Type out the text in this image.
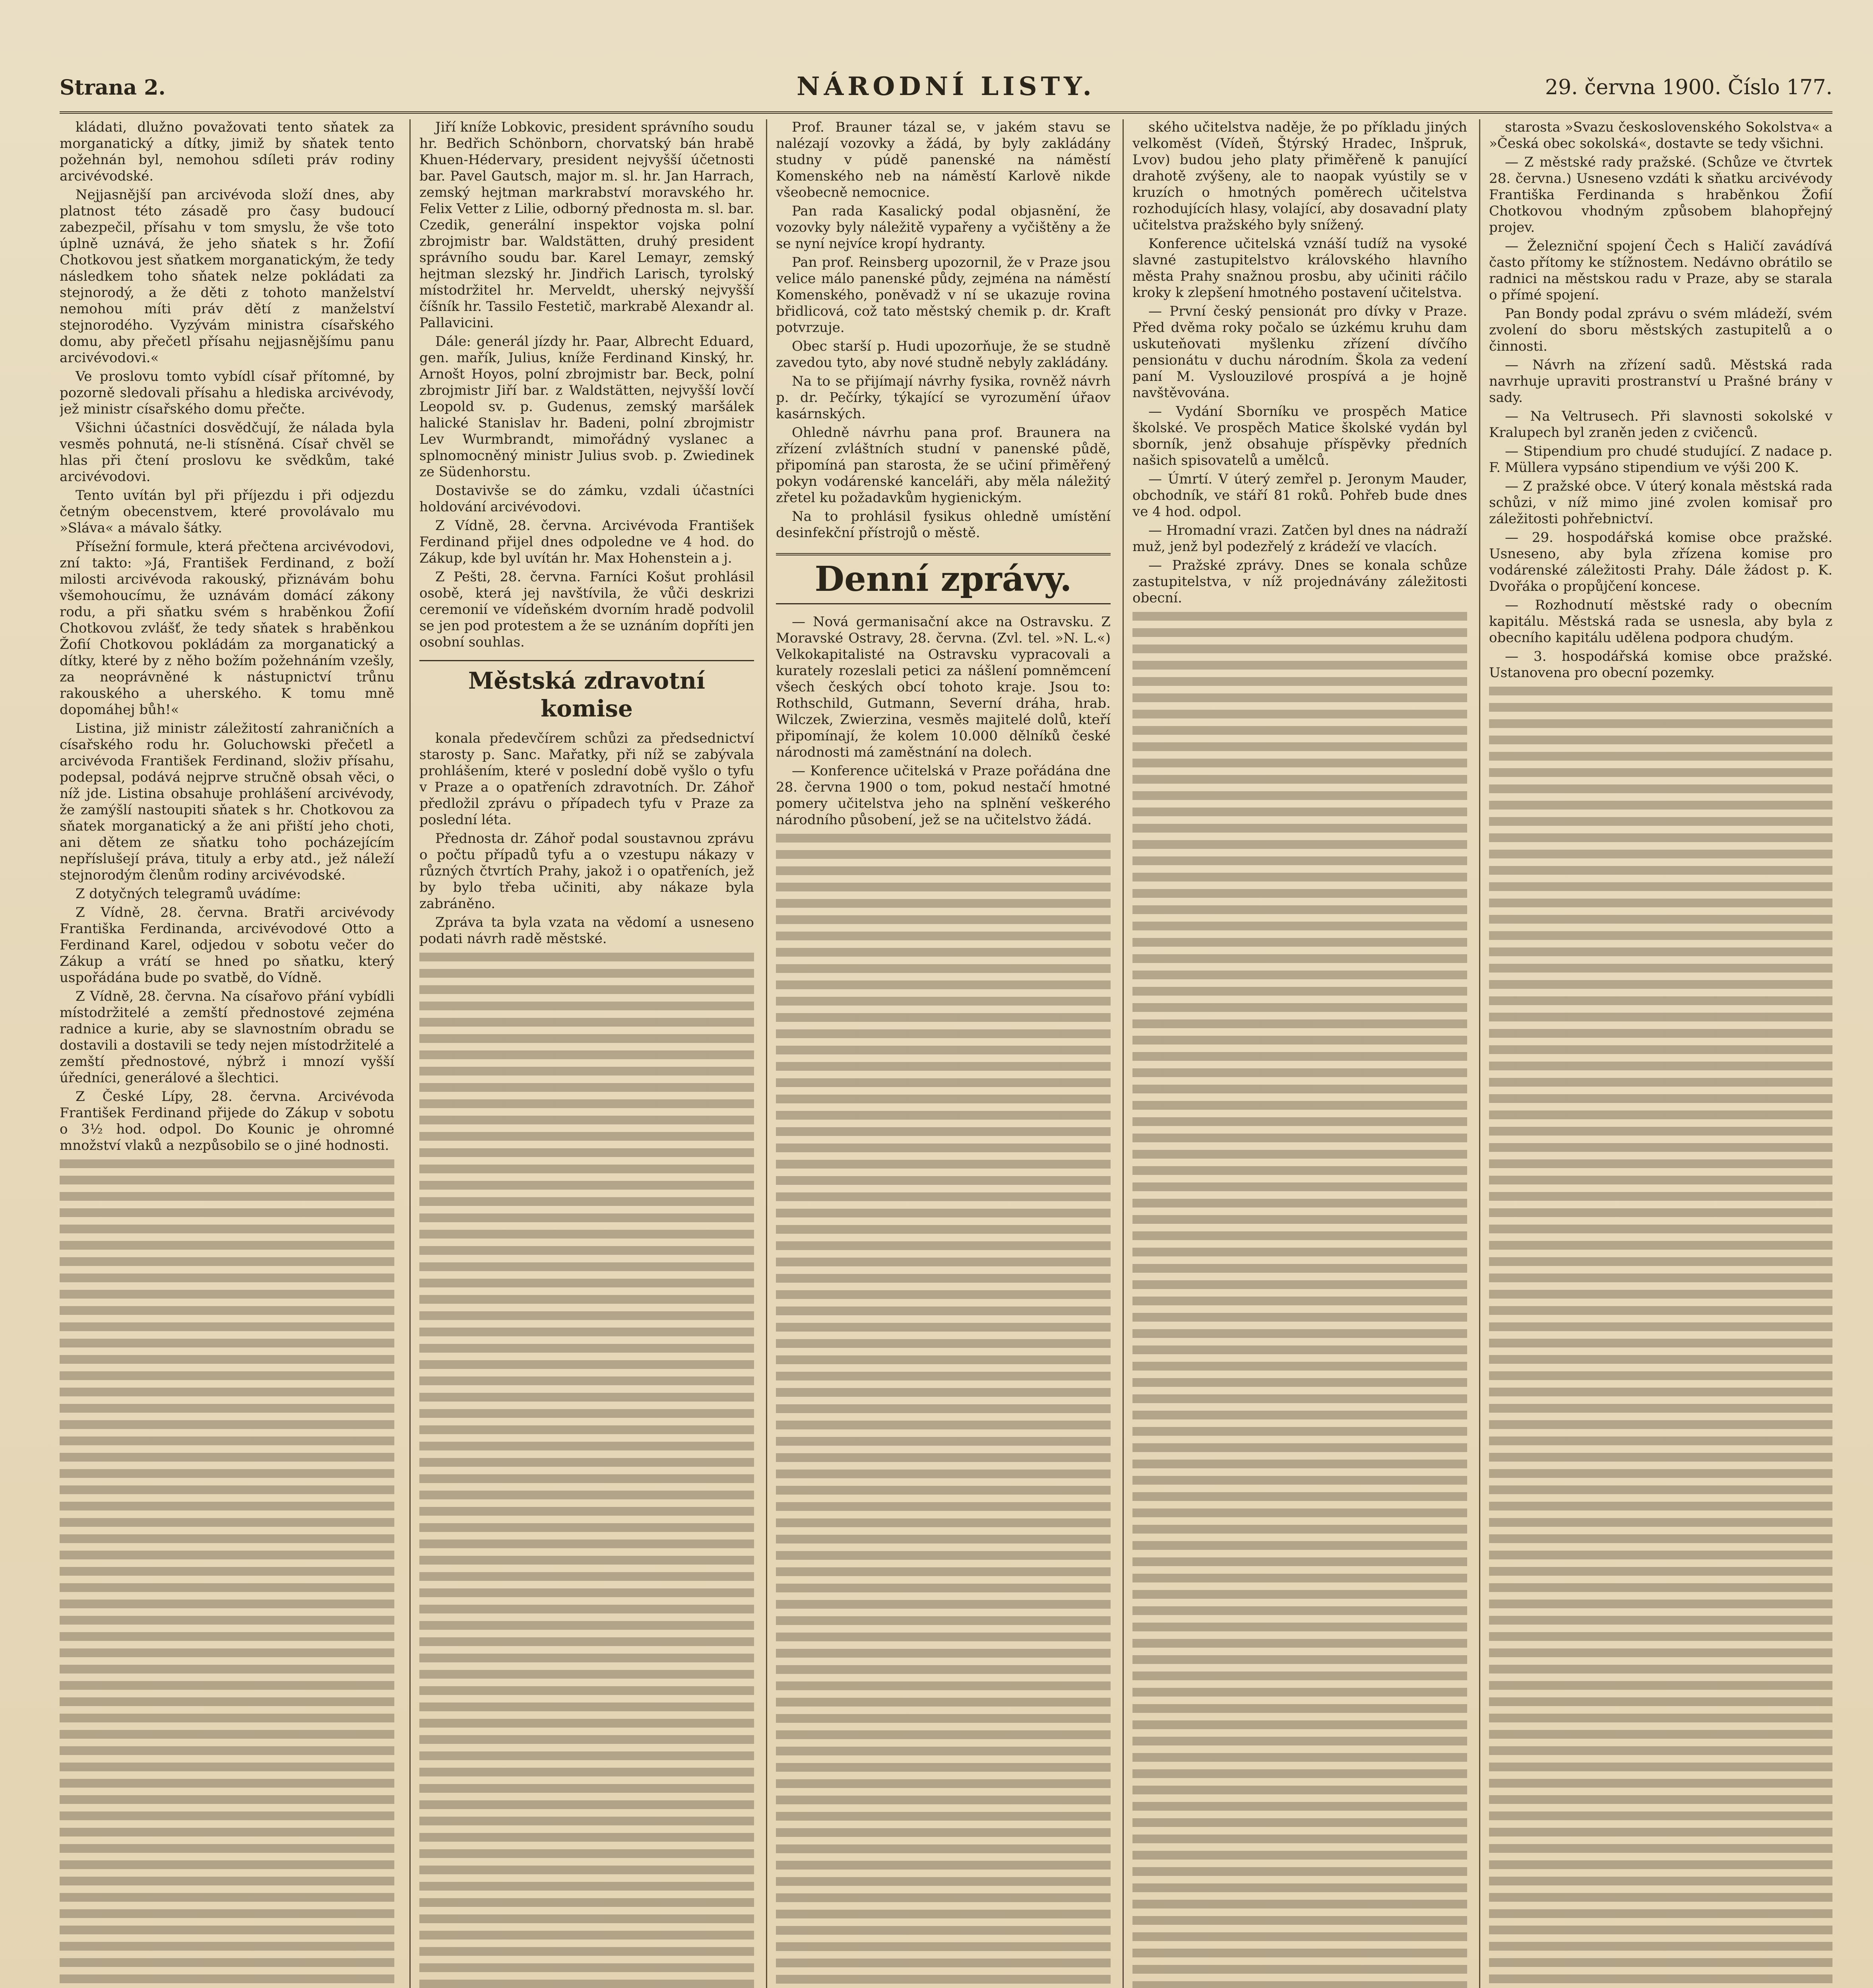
Strana 2.	NÁRODNÍ LISTY.	29. června 1900. Číslo 177.

kládati, dlužno považovati tento sňatek za morganatický a dítky, jimiž by sňatek tento požehnán byl, nemohou sdíleti práv rodiny arcivévodské.

Nejjasnější pan arcivévoda složí dnes, aby platnost této zásadě pro časy budoucí zabezpečil, přísahu v tom smyslu, že vše toto úplně uznává, že jeho sňatek s hr. Žofií Chotkovou jest sňatkem morganatickým, že tedy následkem toho sňatek nelze pokládati za stejnorodý, a že děti z tohoto manželství nemohou míti práv dětí z manželství stejnorodého. Vyzývám ministra císařského domu, aby přečetl přísahu nejjasnějšímu panu arcivévodovi.«

Ve proslovu tomto vybídl císař přítomné, by pozorně sledovali přísahu a hlediska arcivévody, jež ministr císařského domu přečte.

Všichni účastníci dosvědčují, že nálada byla vesměs pohnutá, ne-li stísněná. Císař chvěl se hlas při čtení proslovu ke svědkům, také arcivévodovi.

Tento uvítán byl při příjezdu i při odjezdu četným obecenstvem, které provolávalo mu »Sláva« a mávalo šátky.

Přísežní formule, která přečtena arcivévodovi, zní takto: »Já, František Ferdinand, z boží milosti arcivévoda rakouský, přiznávám bohu všemohoucímu, že uznávám domácí zákony rodu, a při sňatku svém s hraběnkou Žofií Chotkovou zvlášť, že tedy sňatek s hraběnkou Žofií Chotkovou pokládám za morganatický a dítky, které by z něho božím požehnáním vzešly, za neoprávněné k nástupnictví trůnu rakouského a uherského. K tomu mně dopomáhej bůh!«

Listina, již ministr záležitostí zahraničních a císařského rodu hr. Goluchowski přečetl a arcivévoda František Ferdinand, složiv přísahu, podepsal, podává nejprve stručně obsah věci, o níž jde. Listina obsahuje prohlášení arcivévody, že zamýšlí nastoupiti sňatek s hr. Chotkovou za sňatek morganatický a že ani přiští jeho choti, ani dětem ze sňatku toho pocházejícím nepříslušejí práva, tituly a erby atd., jež náleží stejnorodým členům rodiny arcivévodské.

Z dotyčných telegramů uvádíme:

Z Vídně, 28. června. Bratři arcivévody Františka Ferdinanda, arcivévodové Otto a Ferdinand Karel, odjedou v sobotu večer do Zákup a vrátí se hned po sňatku, který uspořádána bude po svatbě, do Vídně.

Z Vídně, 28. června. Na císařovo přání vybídli místodržitelé a zemští přednostové zejména radnice a kurie, aby se slavnostním obradu se dostavili a dostavili se tedy nejen místodržitelé a zemští přednostové, nýbrž i mnozí vyšší úředníci, generálové a šlechtici.

Z České Lípy, 28. června. Arcivévoda František Ferdinand přijede do Zákup v sobotu o 3½ hod. odpol. Do Kounic je ohromné množství vlaků a nezpůsobilo se o jiné hodnosti.

Jiří kníže Lobkovic, president správního soudu hr. Bedřich Schönborn, chorvatský bán hrabě Khuen-Hédervary, president nejvyšší účetnosti bar. Pavel Gautsch, major m. sl. hr. Jan Harrach, zemský hejtman markrabství moravského hr. Felix Vetter z Lilie, odborný přednosta m. sl. bar. Czedik, generální inspektor vojska polní zbrojmistr bar. Waldstätten, druhý president správního soudu bar. Karel Lemayr, zemský hejtman slezský hr. Jindřich Larisch, tyrolský místodržitel hr. Merveldt, uherský nejvyšší číšník hr. Tassilo Festetič, markrabě Alexandr al. Pallavicini.

Dále: generál jízdy hr. Paar, Albrecht Eduard, gen. mařík, Julius, kníže Ferdinand Kinský, hr. Arnošt Hoyos, polní zbrojmistr bar. Beck, polní zbrojmistr Jiří bar. z Waldstätten, nejvyšší lovčí Leopold sv. p. Gudenus, zemský maršálek halické Stanislav hr. Badeni, polní zbrojmistr Lev Wurmbrandt, mimořádný vyslanec a splnomocněný ministr Julius svob. p. Zwiedinek ze Südenhorstu.

Dostavivše se do zámku, vzdali účastníci holdování arcivévodovi.

Z Vídně, 28. června. Arcivévoda František Ferdinand přijel dnes odpoledne ve 4 hod. do Zákup, kde byl uvítán hr. Max Hohenstein a j.

Z Pešti, 28. června. Farníci Košut prohlásil osobě, která jej navštívila, že vůči deskrizi ceremonií ve vídeňském dvorním hradě podvolil se jen pod protestem a že se uznáním dopříti jen osobní souhlas.

Městská zdravotní komise

konala předevčírem schůzi za předsednictví starosty p. Sanc. Mařatky, při níž se zabývala prohlášením, které v poslední době vyšlo o tyfu v Praze a o opatřeních zdravotních. Dr. Záhoř předložil zprávu o případech tyfu v Praze za poslední léta.

Přednosta dr. Záhoř podal soustavnou zprávu o počtu případů tyfu a o vzestupu nákazy v různých čtvrtích Prahy, jakož i o opatřeních, jež by bylo třeba učiniti, aby nákaze byla zabráněno.

Zpráva ta byla vzata na vědomí a usneseno podati návrh radě městské.

Prof. Brauner tázal se, v jakém stavu se nalézají vozovky a žádá, by byly zakládány studny v púdě panenské na náměstí Komenského neb na náměstí Karlově nikde všeobecně nemocnice.

Pan rada Kasalický podal objasnění, že vozovky byly náležitě vypařeny a vyčištěny a že se nyní nejvíce kropí hydranty.

Pan prof. Reinsberg upozornil, že v Praze jsou velice málo panenské půdy, zejména na náměstí Komenského, poněvadž v ní se ukazuje rovina břidlicová, což tato městský chemik p. dr. Kraft potvrzuje.

Obec starší p. Hudi upozorňuje, že se studně zavedou tyto, aby nové studně nebyly zakládány.

Na to se přijímají návrhy fysika, rovněž návrh p. dr. Pečírky, týkající se vyrozumění úřaov kasárnských.

Ohledně návrhu pana prof. Braunera na zřízení zvláštních studní v panenské půdě, připomíná pan starosta, že se učiní přiměřený pokyn vodárenské kanceláři, aby měla náležitý zřetel ku požadavkům hygienickým.

Na to prohlásil fysikus ohledně umístění desinfekční přístrojů o městě.

Denní zprávy.

— Nová germanisační akce na Ostravsku. Z Moravské Ostravy, 28. června. (Zvl. tel. »N. L.«) Velkokapitalisté na Ostravsku vypracovali a kurately rozeslali petici za nášlení pomněmcení všech českých obcí tohoto kraje. Jsou to: Rothschild, Gutmann, Severní dráha, hrab. Wilczek, Zwierzina, vesměs majitelé dolů, kteří připomínají, že kolem 10.000 dělníků české národnosti má zaměstnání na dolech.

— Konference učitelská v Praze pořádána dne 28. června 1900 o tom, pokud nestačí hmotné pomery učitelstva jeho na splnění veškerého národního působení, jež se na učitelstvo žádá.

ského učitelstva naděje, že po příkladu jiných velkoměst (Vídeň, Štýrský Hradec, Inšpruk, Lvov) budou jeho platy přiměřeně k panující drahotě zvýšeny, ale to naopak vyústily se v kruzích o hmotných poměrech učitelstva rozhodujících hlasy, volající, aby dosavadní platy učitelstva pražského byly snížený.

Konference učitelská vznáší tudíž na vysoké slavné zastupitelstvo královského hlavního města Prahy snažnou prosbu, aby učiniti ráčilo kroky k zlepšení hmotného postavení učitelstva.

— První český pensionát pro dívky v Praze. Před dvěma roky počalo se úzkému kruhu dam uskuteňovati myšlenku zřízení dívčího pensionátu v duchu národním. Škola za vedení paní M. Vyslouzilové prospívá a je hojně navštěvována.

— Vydání Sborníku ve prospěch Matice školské. Ve prospěch Matice školské vydán byl sborník, jenž obsahuje příspěvky předních našich spisovatelů a umělců.

— Úmrtí. V úterý zemřel p. Jeronym Mauder, obchodník, ve stáří 81 roků. Pohřeb bude dnes ve 4 hod. odpol.

— Hromadní vrazi. Zatčen byl dnes na nádraží muž, jenž byl podezřelý z krádeží ve vlacích.

— Pražské zprávy. Dnes se konala schůze zastupitelstva, v níž projednávány záležitosti obecní.

starosta »Svazu československého Sokolstva« a »Česká obec sokolská«, dostavte se tedy všichni.

— Z městské rady pražské. (Schůze ve čtvrtek 28. června.) Usneseno vzdáti k sňatku arcivévody Františka Ferdinanda s hraběnkou Žofií Chotkovou vhodným způsobem blahopřejný projev.

— Železniční spojení Čech s Haličí zavádívá často přítomy ke stížnostem. Nedávno obrátilo se radnici na městskou radu v Praze, aby se starala o přímé spojení.

Pan Bondy podal zprávu o svém mládeží, svém zvolení do sboru městských zastupitelů a o činnosti.

— Návrh na zřízení sadů. Městská rada navrhuje upraviti prostranství u Prašné brány v sady.

— Na Veltrusech. Při slavnosti sokolské v Kralupech byl zraněn jeden z cvičenců.

— Stipendium pro chudé studující. Z nadace p. F. Müllera vypsáno stipendium ve výši 200 K.

— Z pražské obce. V úterý konala městská rada schůzi, v níž mimo jiné zvolen komisař pro záležitosti pohřebnictví.

— 29. hospodářská komise obce pražské. Usneseno, aby byla zřízena komise pro vodárenské záležitosti Prahy. Dále žádost p. K. Dvořáka o propůjčení koncese.

— Rozhodnutí městské rady o obecním kapitálu. Městská rada se usnesla, aby byla z obecního kapitálu udělena podpora chudým.

— 3. hospodářská komise obce pražské. Ustanovena pro obecní pozemky.
